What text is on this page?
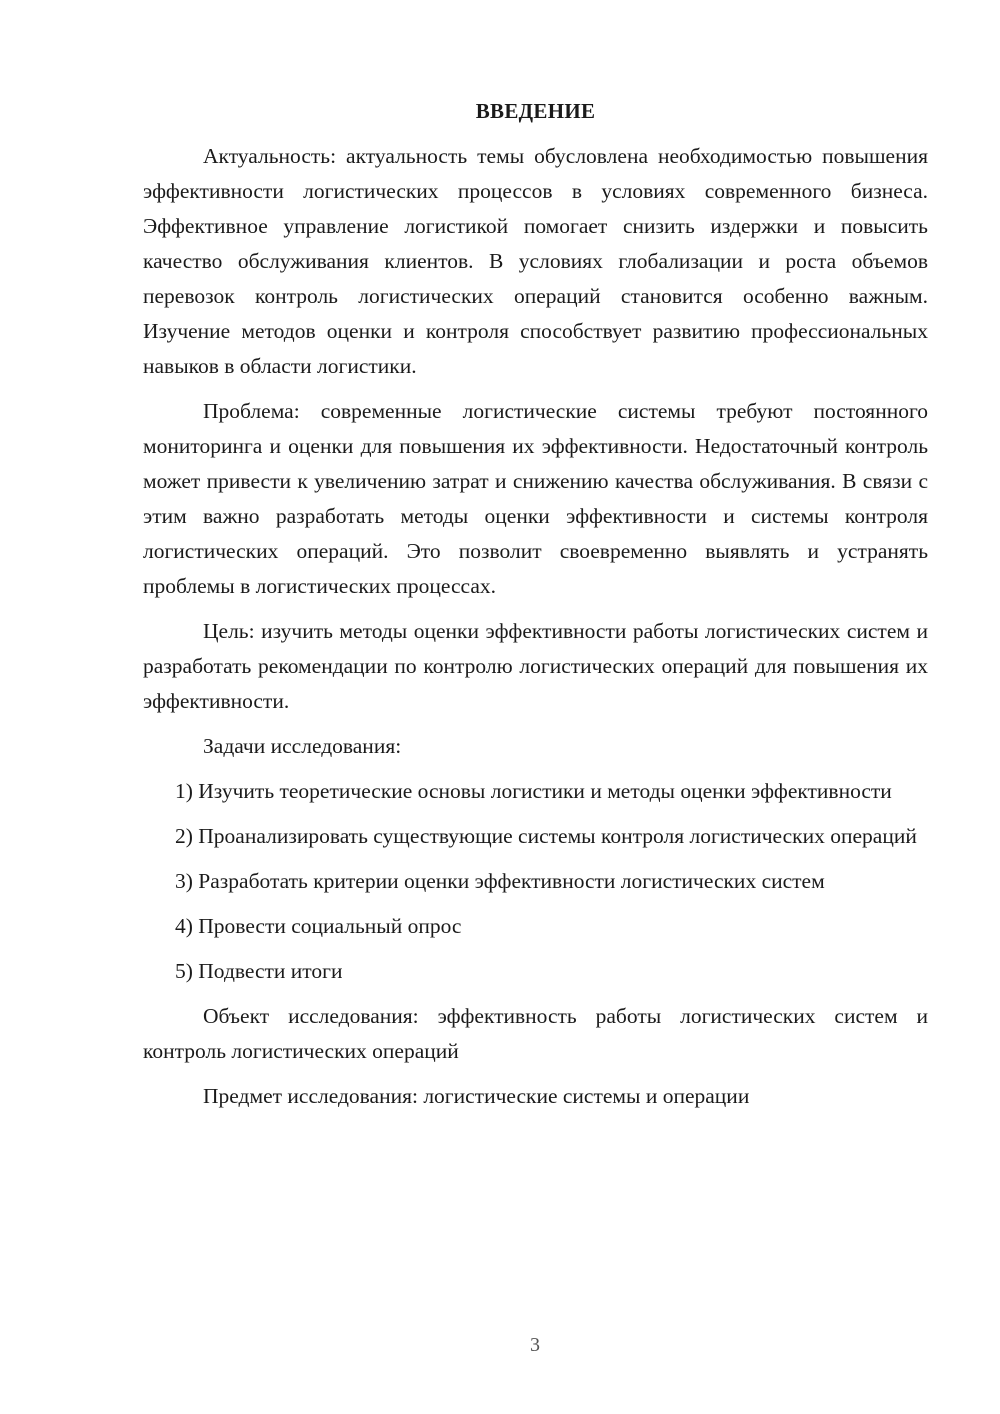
ВВЕДЕНИЕ

Актуальность: актуальность темы обусловлена необходимостью повышения эффективности логистических процессов в условиях современного бизнеса. Эффективное управление логистикой помогает снизить издержки и повысить качество обслуживания клиентов. В условиях глобализации и роста объемов перевозок контроль логистических операций становится особенно важным. Изучение методов оценки и контроля способствует развитию профессиональных навыков в области логистики.

Проблема: современные логистические системы требуют постоянного мониторинга и оценки для повышения их эффективности. Недостаточный контроль может привести к увеличению затрат и снижению качества обслуживания. В связи с этим важно разработать методы оценки эффективности и системы контроля логистических операций. Это позволит своевременно выявлять и устранять проблемы в логистических процессах.

Цель: изучить методы оценки эффективности работы логистических систем и разработать рекомендации по контролю логистических операций для повышения их эффективности.

Задачи исследования:

1) Изучить теоретические основы логистики и методы оценки эффективности

2) Проанализировать существующие системы контроля логистических операций

3) Разработать критерии оценки эффективности логистических систем

4) Провести социальный опрос

5) Подвести итоги

Объект исследования: эффективность работы логистических систем и контроль логистических операций

Предмет исследования: логистические системы и операции

3
